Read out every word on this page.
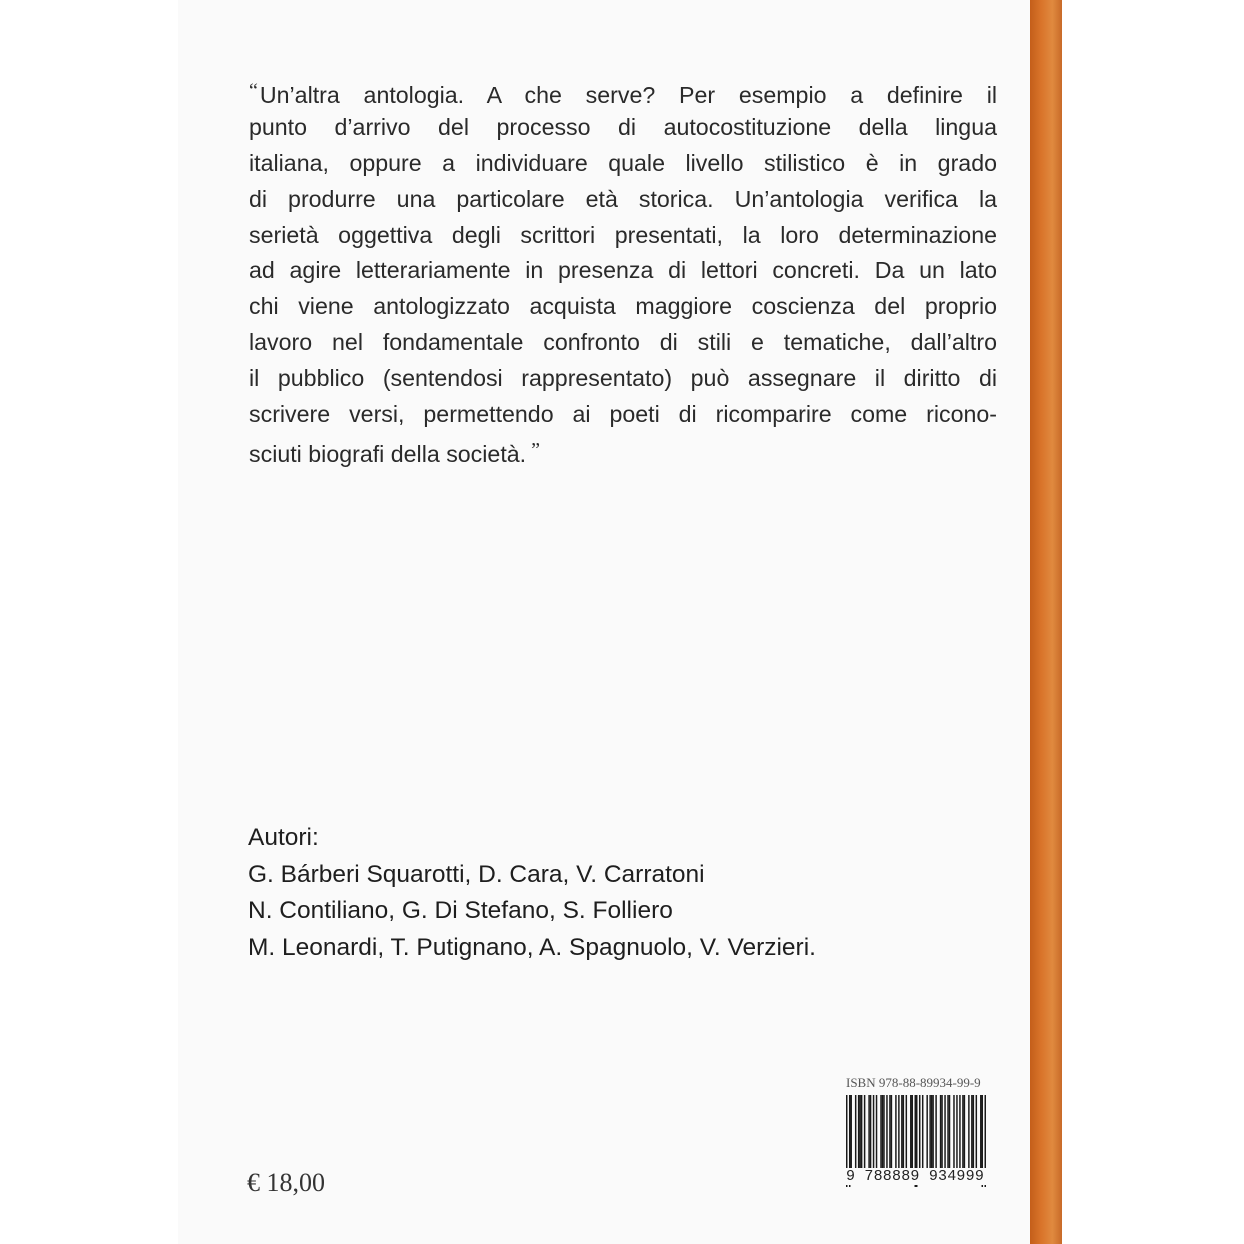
“ Un’altra antologia. A che serve? Per esempio a definire il
punto d’arrivo del processo di autocostituzione della lingua
italiana, oppure a individuare quale livello stilistico è in grado
di produrre una particolare età storica. Un’antologia verifica la
serietà oggettiva degli scrittori presentati, la loro determinazione
ad agire letterariamente in presenza di lettori concreti. Da un lato
chi viene antologizzato acquista maggiore coscienza del proprio
lavoro nel fondamentale confronto di stili e tematiche, dall’altro
il pubblico (sentendosi rappresentato) può assegnare il diritto di
scrivere versi, permettendo ai poeti di ricomparire come ricono-
sciuti biografi della società. ”
Autori:
G. Bárberi Squarotti, D. Cara, V. Carratoni
N. Contiliano, G. Di Stefano, S. Folliero
M. Leonardi, T. Putignano, A. Spagnuolo, V. Verzieri.
€ 18,00
ISBN 978-88-89934-99-9
9 788889 934999
